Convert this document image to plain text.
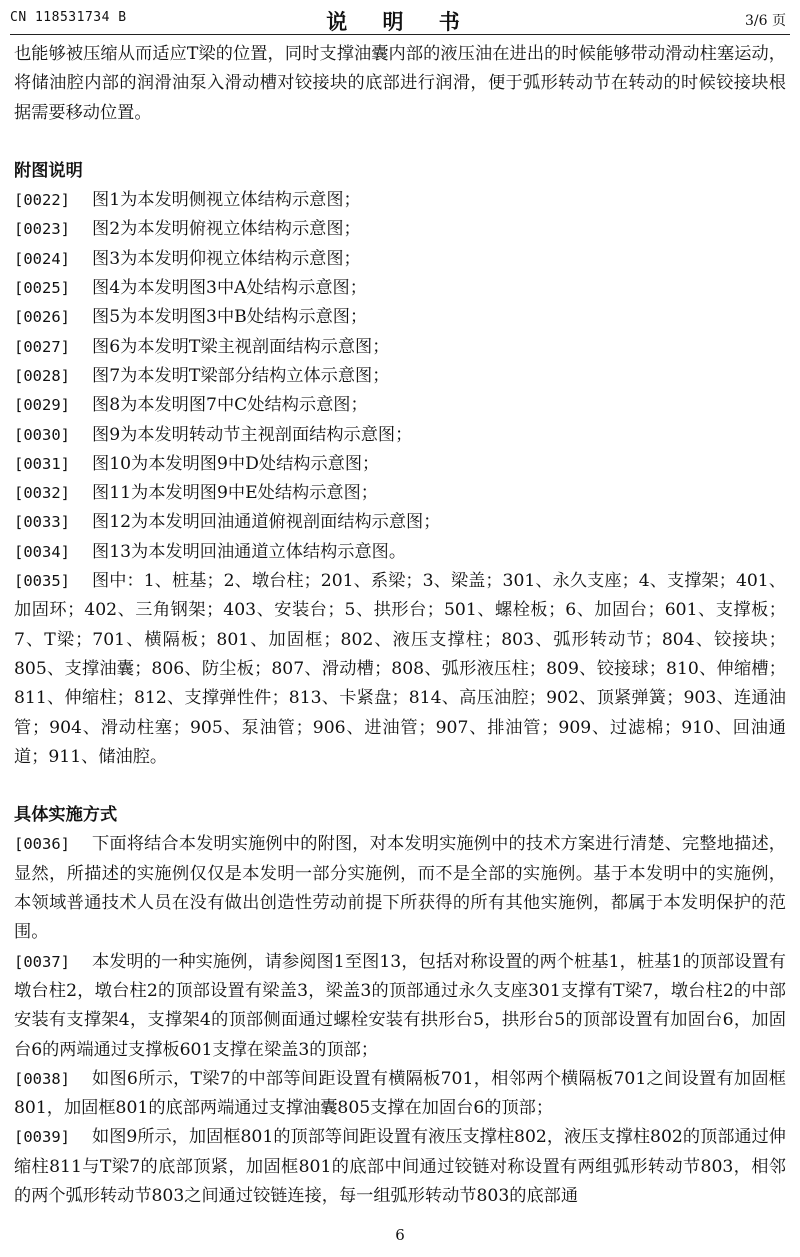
CN 118531734 B	说 明 书	3/6 页

也能够被压缩从而适应T梁的位置，同时支撑油囊内部的液压油在进出的时候能够带动滑动柱塞运动，将储油腔内部的润滑油泵入滑动槽对铰接块的底部进行润滑，便于弧形转动节在转动的时候铰接块根据需要移动位置。

附图说明

[0022]	图1为本发明侧视立体结构示意图；
[0023]	图2为本发明俯视立体结构示意图；
[0024]	图3为本发明仰视立体结构示意图；
[0025]	图4为本发明图3中A处结构示意图；
[0026]	图5为本发明图3中B处结构示意图；
[0027]	图6为本发明T梁主视剖面结构示意图；
[0028]	图7为本发明T梁部分结构立体示意图；
[0029]	图8为本发明图7中C处结构示意图；
[0030]	图9为本发明转动节主视剖面结构示意图；
[0031]	图10为本发明图9中D处结构示意图；
[0032]	图11为本发明图9中E处结构示意图；
[0033]	图12为本发明回油通道俯视剖面结构示意图；
[0034]	图13为本发明回油通道立体结构示意图。

[0035]	图中：1、桩基；2、墩台柱；201、系梁；3、梁盖；301、永久支座；4、支撑架；401、加固环；402、三角钢架；403、安装台；5、拱形台；501、螺栓板；6、加固台；601、支撑板；7、T梁；701、横隔板；801、加固框；802、液压支撑柱；803、弧形转动节；804、铰接块；805、支撑油囊；806、防尘板；807、滑动槽；808、弧形液压柱；809、铰接球；810、伸缩槽；811、伸缩柱；812、支撑弹性件；813、卡紧盘；814、高压油腔；902、顶紧弹簧；903、连通油管；904、滑动柱塞；905、泵油管；906、进油管；907、排油管；909、过滤棉；910、回油通道；911、储油腔。

具体实施方式

[0036]	下面将结合本发明实施例中的附图，对本发明实施例中的技术方案进行清楚、完整地描述，显然，所描述的实施例仅仅是本发明一部分实施例，而不是全部的实施例。基于本发明中的实施例，本领域普通技术人员在没有做出创造性劳动前提下所获得的所有其他实施例，都属于本发明保护的范围。

[0037]	本发明的一种实施例，请参阅图1至图13，包括对称设置的两个桩基1，桩基1的顶部设置有墩台柱2，墩台柱2的顶部设置有梁盖3，梁盖3的顶部通过永久支座301支撑有T梁7，墩台柱2的中部安装有支撑架4，支撑架4的顶部侧面通过螺栓安装有拱形台5，拱形台5的顶部设置有加固台6，加固台6的两端通过支撑板601支撑在梁盖3的顶部；

[0038]	如图6所示，T梁7的中部等间距设置有横隔板701，相邻两个横隔板701之间设置有加固框801，加固框801的底部两端通过支撑油囊805支撑在加固台6的顶部；

[0039]	如图9所示，加固框801的顶部等间距设置有液压支撑柱802，液压支撑柱802的顶部通过伸缩柱811与T梁7的底部顶紧，加固框801的底部中间通过铰链对称设置有两组弧形转动节803，相邻的两个弧形转动节803之间通过铰链连接，每一组弧形转动节803的底部通

6
